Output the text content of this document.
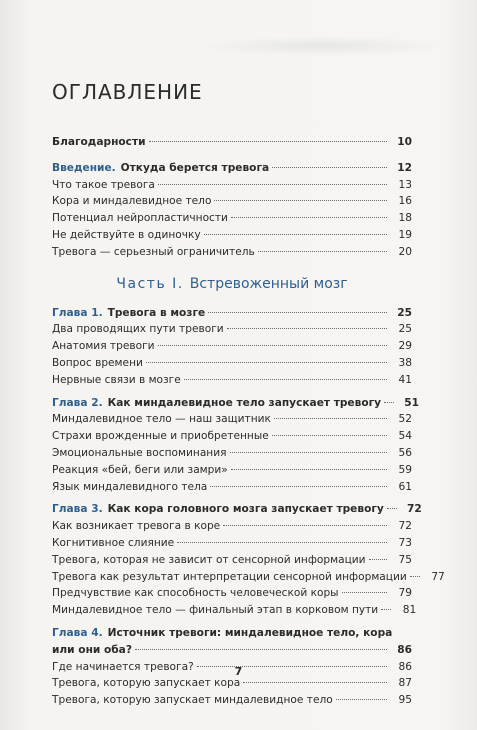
ОГЛАВЛЕНИЕ
Благодарности	10
Введение. Откуда берется тревога	12
Что такое тревога	13
Кора и миндалевидное тело	16
Потенциал нейропластичности	18
Не действуйте в одиночку	19
Тревога — серьезный ограничитель	20
Часть I. Встревоженный мозг
Глава 1. Тревога в мозге	25
Два проводящих пути тревоги	25
Анатомия тревоги	29
Вопрос времени	38
Нервные связи в мозге	41
Глава 2. Как миндалевидное тело запускает тревогу	51
Миндалевидное тело — наш защитник	52
Страхи врожденные и приобретенные	54
Эмоциональные воспоминания	56
Реакция «бей, беги или замри»	59
Язык миндалевидного тела	61
Глава 3. Как кора головного мозга запускает тревогу	72
Как возникает тревога в коре	72
Когнитивное слияние	73
Тревога, которая не зависит от сенсорной информации	75
Тревога как результат интерпретации сенсорной информации	77
Предчувствие как способность человеческой коры	79
Миндалевидное тело — финальный этап в корковом пути	81
Глава 4. Источник тревоги: миндалевидное тело, кора
или они оба?	86
Где начинается тревога?	86
Тревога, которую запускает кора	87
Тревога, которую запускает миндалевидное тело	95
7
